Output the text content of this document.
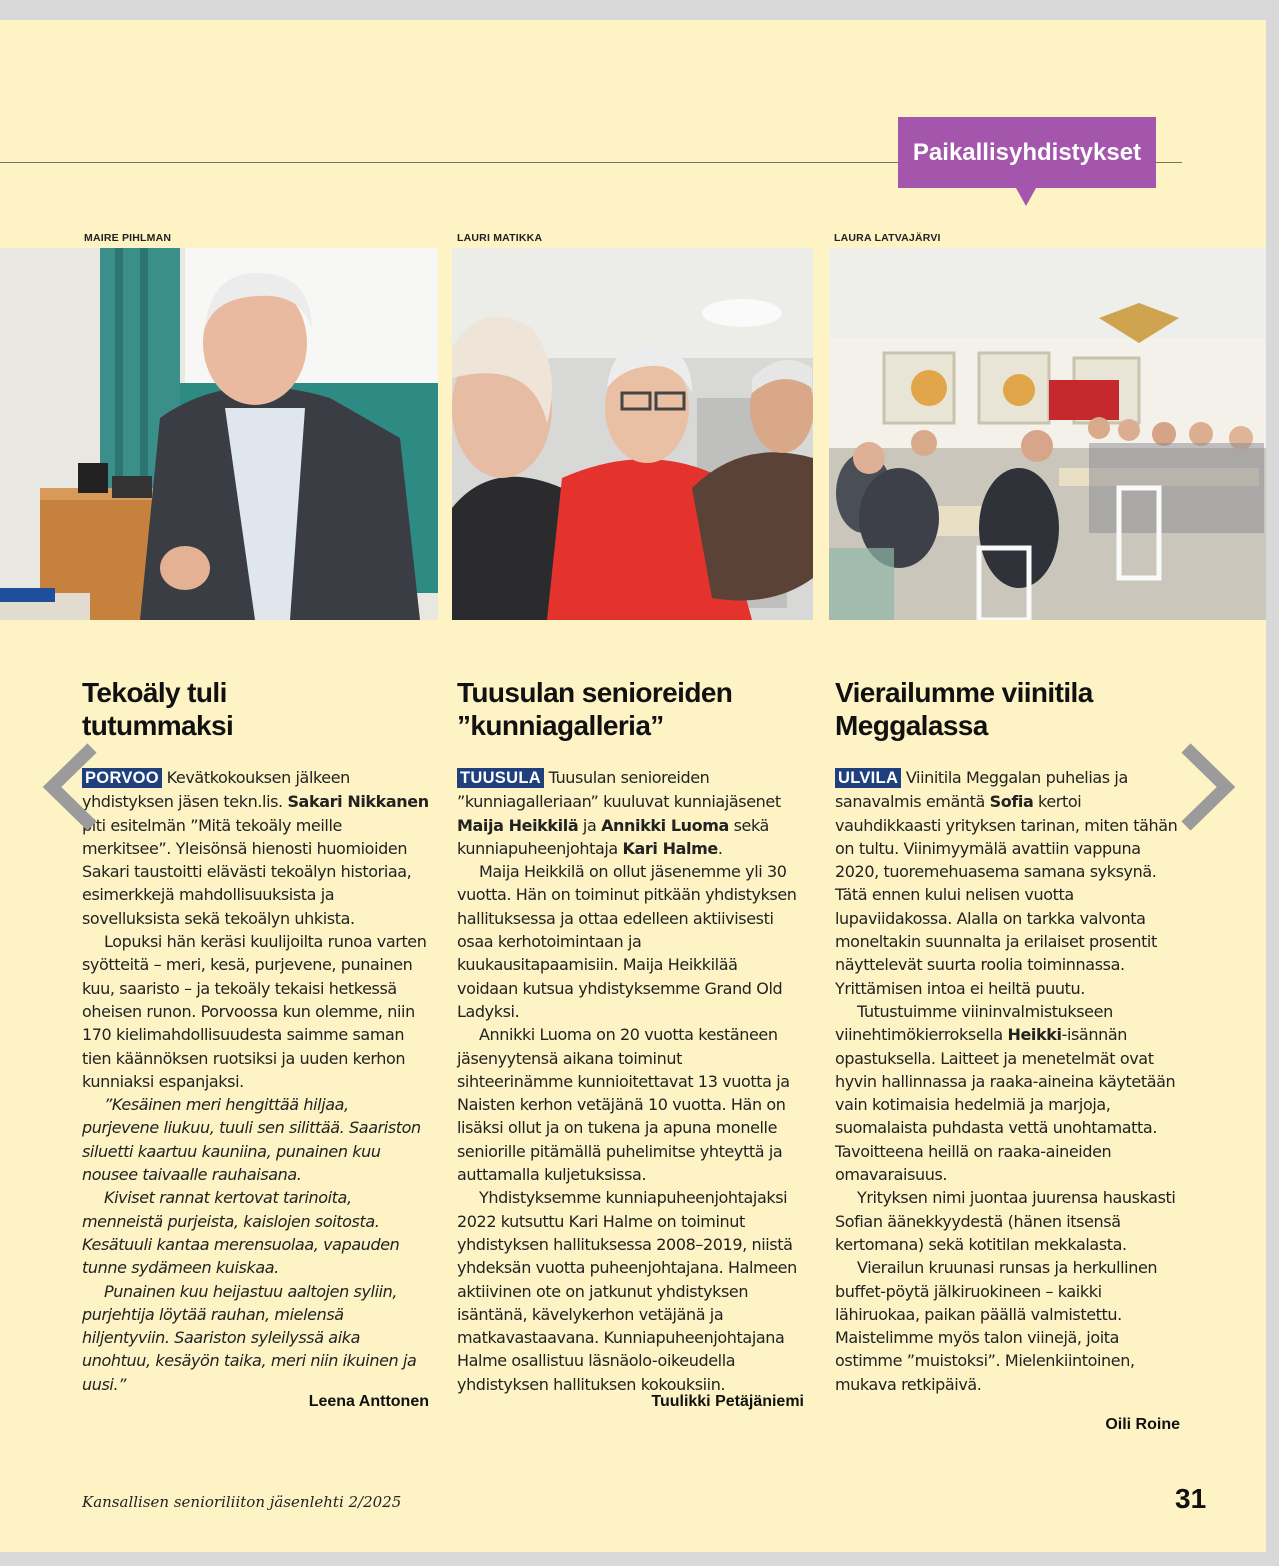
Paikallisyhdistykset
MAIRE PIHLMAN
Tekoäly tuli
tutummaksi

PORVOO Kevätkokouksen jälkeen yhdistyksen jäsen tekn.lis. Sakari Nikkanen piti esitelmän ”Mitä tekoäly meille merkitsee”. Yleisönsä hienosti huomioiden Sakari taustoitti elävästi tekoälyn historiaa, esimerkkejä mahdollisuuksista ja sovelluksista sekä tekoälyn uhkista.

Lopuksi hän keräsi kuulijoilta runoa varten syötteitä – meri, kesä, purjevene, punainen kuu, saaristo – ja tekoäly tekaisi hetkessä oheisen runon. Porvoossa kun olemme, niin 170 kielimahdollisuudesta saimme saman tien käännöksen ruotsiksi ja uuden kerhon kunniaksi espanjaksi.

”Kesäinen meri hengittää hiljaa, purjevene liukuu, tuuli sen silittää. Saariston siluetti kaartuu kauniina, punainen kuu nousee taivaalle rauhaisana.

Kiviset rannat kertovat tarinoita, menneistä purjeista, kaislojen soitosta. Kesätuuli kantaa merensuolaa, vapauden tunne sydämeen kuiskaa.

Punainen kuu heijastuu aaltojen syliin, purjehtija löytää rauhan, mielensä hiljentyviin. Saariston syleilyssä aika unohtuu, kesäyön taika, meri niin ikuinen ja uusi.”

Leena Anttonen
LAURI MATIKKA
Tuusulan senioreiden
”kunniagalleria”

TUUSULA Tuusulan senioreiden ”kunniagalleriaan” kuuluvat kunniajäsenet Maija Heikkilä ja Annikki Luoma sekä kunniapuheenjohtaja Kari Halme.

Maija Heikkilä on ollut jäsenemme yli 30 vuotta. Hän on toiminut pitkään yhdistyksen hallituksessa ja ottaa edelleen aktiivisesti osaa kerhotoimintaan ja kuukausitapaamisiin. Maija Heikkilää voidaan kutsua yhdistyksemme Grand Old Ladyksi.

Annikki Luoma on 20 vuotta kestäneen jäsenyytensä aikana toiminut sihteerinämme kunnioitettavat 13 vuotta ja Naisten kerhon vetäjänä 10 vuotta. Hän on lisäksi ollut ja on tukena ja apuna monelle seniorille pitämällä puhelimitse yhteyttä ja auttamalla kuljetuksissa.

Yhdistyksemme kunniapuheenjohtajaksi 2022 kutsuttu Kari Halme on toiminut yhdistyksen hallituksessa 2008–2019, niistä yhdeksän vuotta puheenjohtajana. Halmeen aktiivinen ote on jatkunut yhdistyksen isäntänä, kävelykerhon vetäjänä ja matkavastaavana. Kunniapuheenjohtajana Halme osallistuu läsnäolo-oikeudella yhdistyksen hallituksen kokouksiin.

Tuulikki Petäjäniemi
LAURA LATVAJÄRVI
Vierailumme viinitila
Meggalassa

ULVILA Viinitila Meggalan puhelias ja sanavalmis emäntä Sofia kertoi vauhdikkaasti yrityksen tarinan, miten tähän on tultu. Viinimyymälä avattiin vappuna 2020, tuoremehuasema samana syksynä. Tätä ennen kului nelisen vuotta lupaviidakossa. Alalla on tarkka valvonta moneltakin suunnalta ja erilaiset prosentit näyttelevät suurta roolia toiminnassa. Yrittämisen intoa ei heiltä puutu.

Tutustuimme viininvalmistukseen viinehtimökierroksella Heikki-isännän opastuksella. Laitteet ja menetelmät ovat hyvin hallinnassa ja raaka-aineina käytetään vain kotimaisia hedelmiä ja marjoja, suomalaista puhdasta vettä unohtamatta. Tavoitteena heillä on raaka-aineiden omavaraisuus.

Yrityksen nimi juontaa juurensa hauskasti Sofian äänekkyydestä (hänen itsensä kertomana) sekä kotitilan mekkalasta.

Vierailun kruunasi runsas ja herkullinen buffet-pöytä jälkiruokineen – kaikki lähiruokaa, paikan päällä valmistettu. Maistelimme myös talon viinejä, joita ostimme ”muistoksi”. Mielenkiintoinen, mukava retkipäivä.

Oili Roine
Kansallisen senioriliiton jäsenlehti 2/2025	31
